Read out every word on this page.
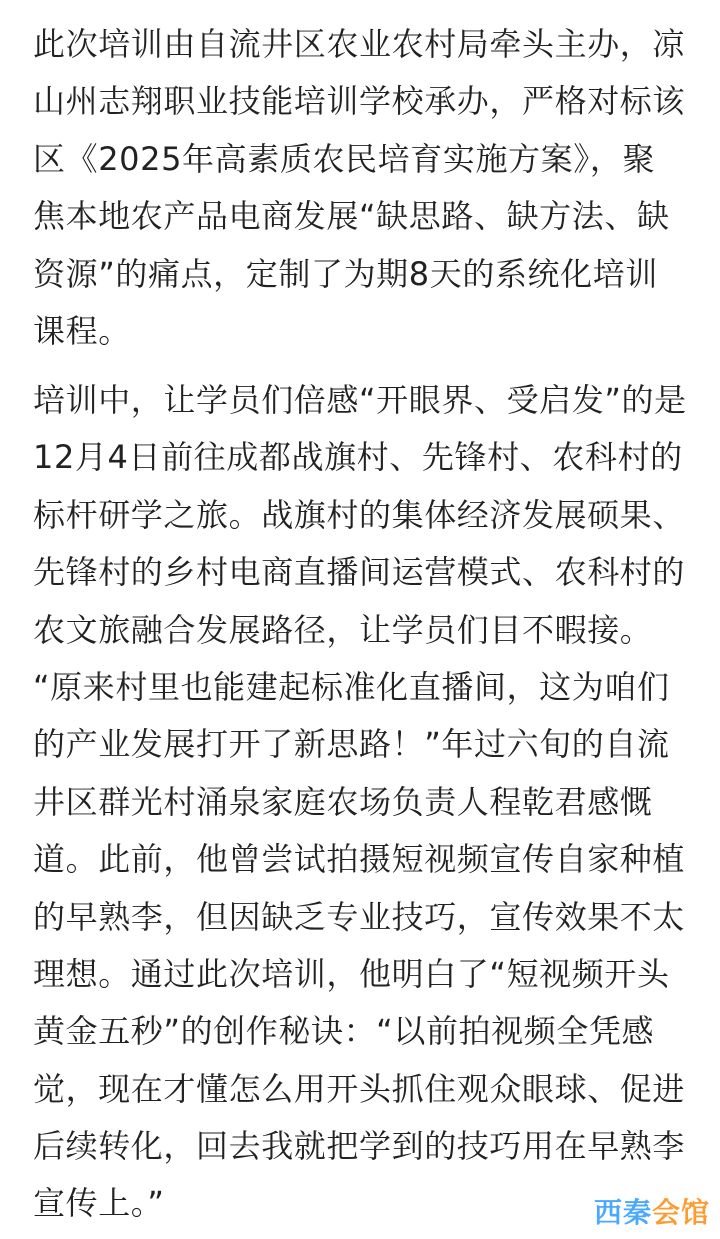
此次培训由自流井区农业农村局牵头主办，凉
山州志翔职业技能培训学校承办，严格对标该
区《2025年高素质农民培育实施方案》，聚
焦本地农产品电商发展“缺思路、缺方法、缺
资源”的痛点，定制了为期8天的系统化培训
课程。
培训中，让学员们倍感“开眼界、受启发”的是
12月4日前往成都战旗村、先锋村、农科村的
标杆研学之旅。战旗村的集体经济发展硕果、
先锋村的乡村电商直播间运营模式、农科村的
农文旅融合发展路径，让学员们目不暇接。
“原来村里也能建起标准化直播间，这为咱们
的产业发展打开了新思路！”年过六旬的自流
井区群光村涌泉家庭农场负责人程乾君感慨
道。此前，他曾尝试拍摄短视频宣传自家种植
的早熟李，但因缺乏专业技巧，宣传效果不太
理想。通过此次培训，他明白了“短视频开头
黄金五秒”的创作秘诀：“以前拍视频全凭感
觉，现在才懂怎么用开头抓住观众眼球、促进
后续转化，回去我就把学到的技巧用在早熟李
宣传上。”	西秦会馆
